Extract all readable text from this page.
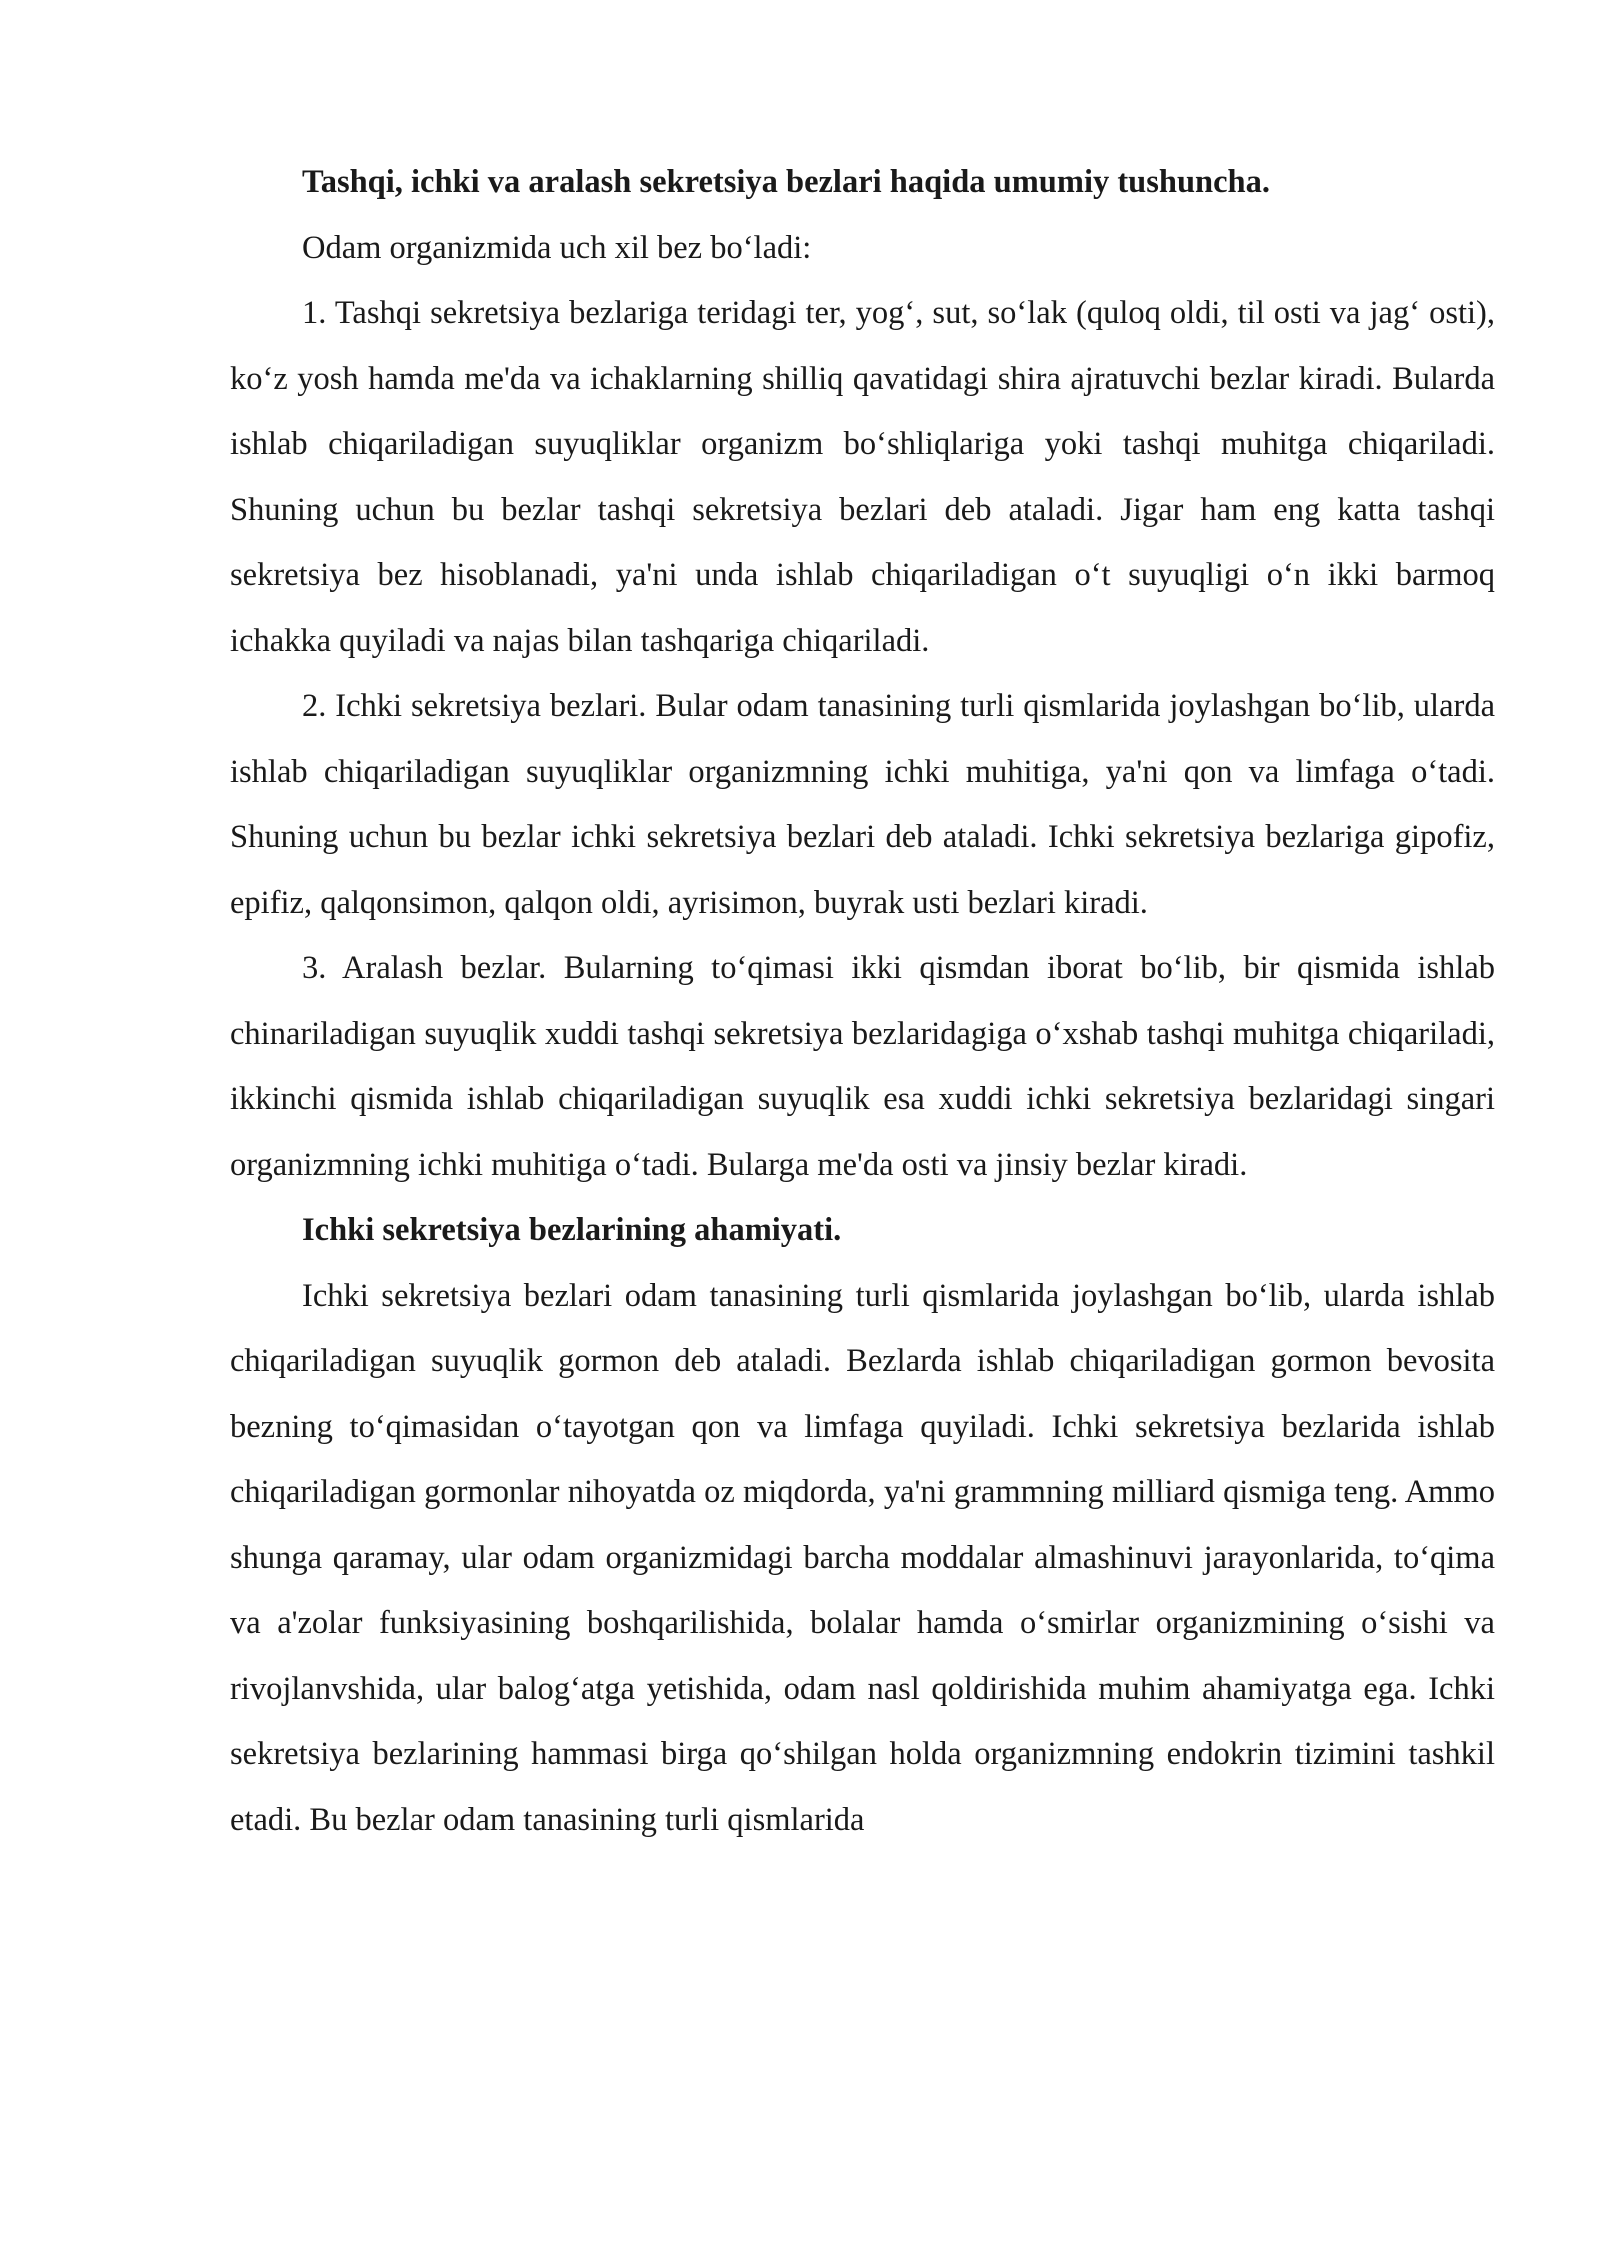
Tashqi, ichki va aralash sekretsiya bezlari haqida umumiy tushuncha.

Odam organizmida uch xil bez bo‘ladi:

1. Tashqi sekretsiya bezlariga teridagi ter, yog‘, sut, so‘lak (quloq oldi, til osti va jag‘ osti), ko‘z yosh hamda me'da va ichaklarning shilliq qavatidagi shira ajratuvchi bezlar kiradi. Bularda ishlab chiqariladigan suyuqliklar organizm bo‘shliqlariga yoki tashqi muhitga chiqariladi. Shuning uchun bu bezlar tashqi sekretsiya bezlari deb ataladi. Jigar ham eng katta tashqi sekretsiya bez hisoblanadi, ya'ni unda ishlab chiqariladigan o‘t suyuqligi o‘n ikki barmoq ichakka quyiladi va najas bilan tashqariga chiqariladi.

2. Ichki sekretsiya bezlari. Bular odam tanasining turli qismlarida joylashgan bo‘lib, ularda ishlab chiqariladigan suyuqliklar organizmning ichki muhitiga, ya'ni qon va limfaga o‘tadi. Shuning uchun bu bezlar ichki sekretsiya bezlari deb ataladi. Ichki sekretsiya bezlariga gipofiz, epifiz, qalqonsimon, qalqon oldi, ayrisimon, buyrak usti bezlari kiradi.

3. Aralash bezlar. Bularning to‘qimasi ikki qismdan iborat bo‘lib, bir qismida ishlab chinariladigan suyuqlik xuddi tashqi sekretsiya bezlaridagiga o‘xshab tashqi muhitga chiqariladi, ikkinchi qismida ishlab chiqariladigan suyuqlik esa xuddi ichki sekretsiya bezlaridagi singari organizmning ichki muhitiga o‘tadi. Bularga me'da osti va jinsiy bezlar kiradi.

Ichki sekretsiya bezlarining ahamiyati.

Ichki sekretsiya bezlari odam tanasining turli qismlarida joylashgan bo‘lib, ularda ishlab chiqariladigan suyuqlik gormon deb ataladi. Bezlarda ishlab chiqariladigan gormon bevosita bezning to‘qimasidan o‘tayotgan qon va limfaga quyiladi. Ichki sekretsiya bezlarida ishlab chiqariladigan gormonlar nihoyatda oz miqdorda, ya'ni grammning milliard qismiga teng. Ammo shunga qaramay, ular odam organizmidagi barcha moddalar almashinuvi jarayonlarida, to‘qima va a'zolar funksiyasining boshqarilishida, bolalar hamda o‘smirlar organizmining o‘sishi va rivojlanvshida, ular balog‘atga yetishida, odam nasl qoldirishida muhim ahamiyatga ega. Ichki sekretsiya bezlarining hammasi birga qo‘shilgan holda organizmning endokrin tizimini tashkil etadi. Bu bezlar odam tanasining turli qismlarida
